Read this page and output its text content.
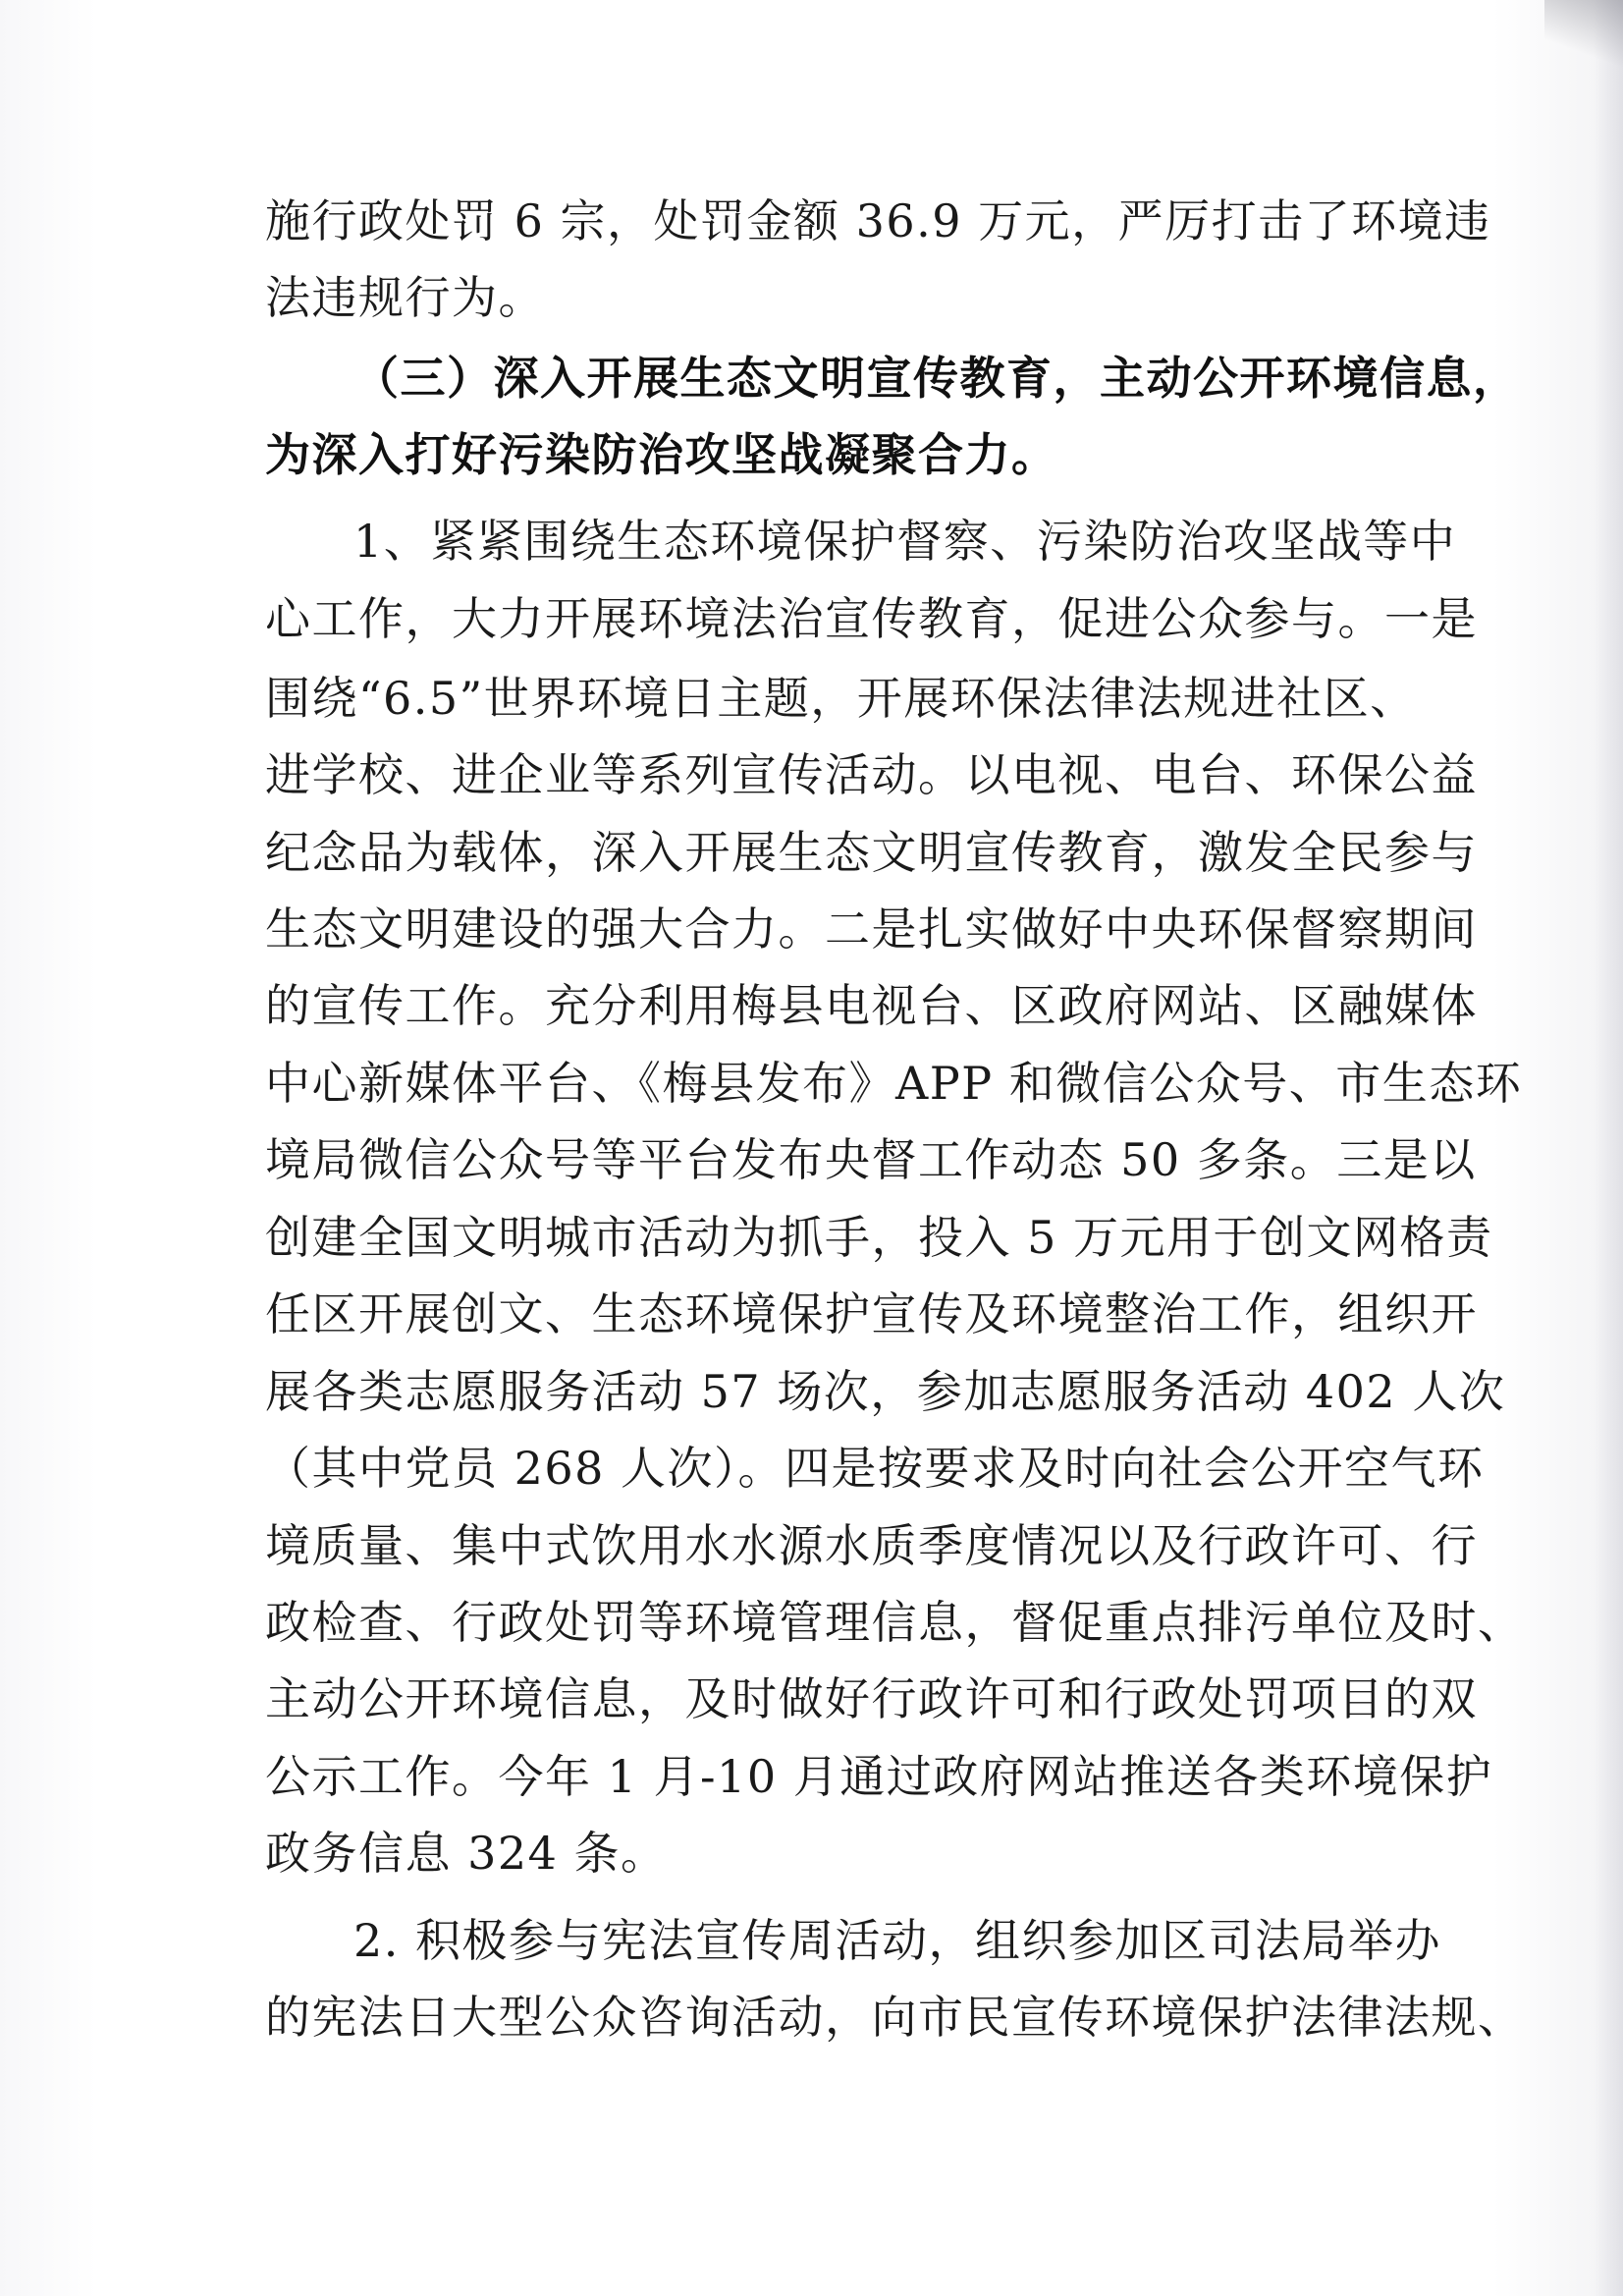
施行政处罚 6 宗，处罚金额 36.9 万元，严厉打击了环境违
法违规行为。
（三）深入开展生态文明宣传教育，主动公开环境信息，
为深入打好污染防治攻坚战凝聚合力。
1、紧紧围绕生态环境保护督察、污染防治攻坚战等中
心工作，大力开展环境法治宣传教育，促进公众参与。一是
围绕“6.5”世界环境日主题，开展环保法律法规进社区、
进学校、进企业等系列宣传活动。以电视、电台、环保公益
纪念品为载体，深入开展生态文明宣传教育，激发全民参与
生态文明建设的强大合力。二是扎实做好中央环保督察期间
的宣传工作。充分利用梅县电视台、区政府网站、区融媒体
中心新媒体平台、《梅县发布》APP 和微信公众号、市生态环
境局微信公众号等平台发布央督工作动态 50 多条。三是以
创建全国文明城市活动为抓手，投入 5 万元用于创文网格责
任区开展创文、生态环境保护宣传及环境整治工作，组织开
展各类志愿服务活动 57 场次，参加志愿服务活动 402 人次
（其中党员 268 人次）。四是按要求及时向社会公开空气环
境质量、集中式饮用水水源水质季度情况以及行政许可、行
政检查、行政处罚等环境管理信息，督促重点排污单位及时、
主动公开环境信息，及时做好行政许可和行政处罚项目的双
公示工作。今年 1 月-10 月通过政府网站推送各类环境保护
政务信息 324 条。
2. 积极参与宪法宣传周活动，组织参加区司法局举办
的宪法日大型公众咨询活动，向市民宣传环境保护法律法规、
